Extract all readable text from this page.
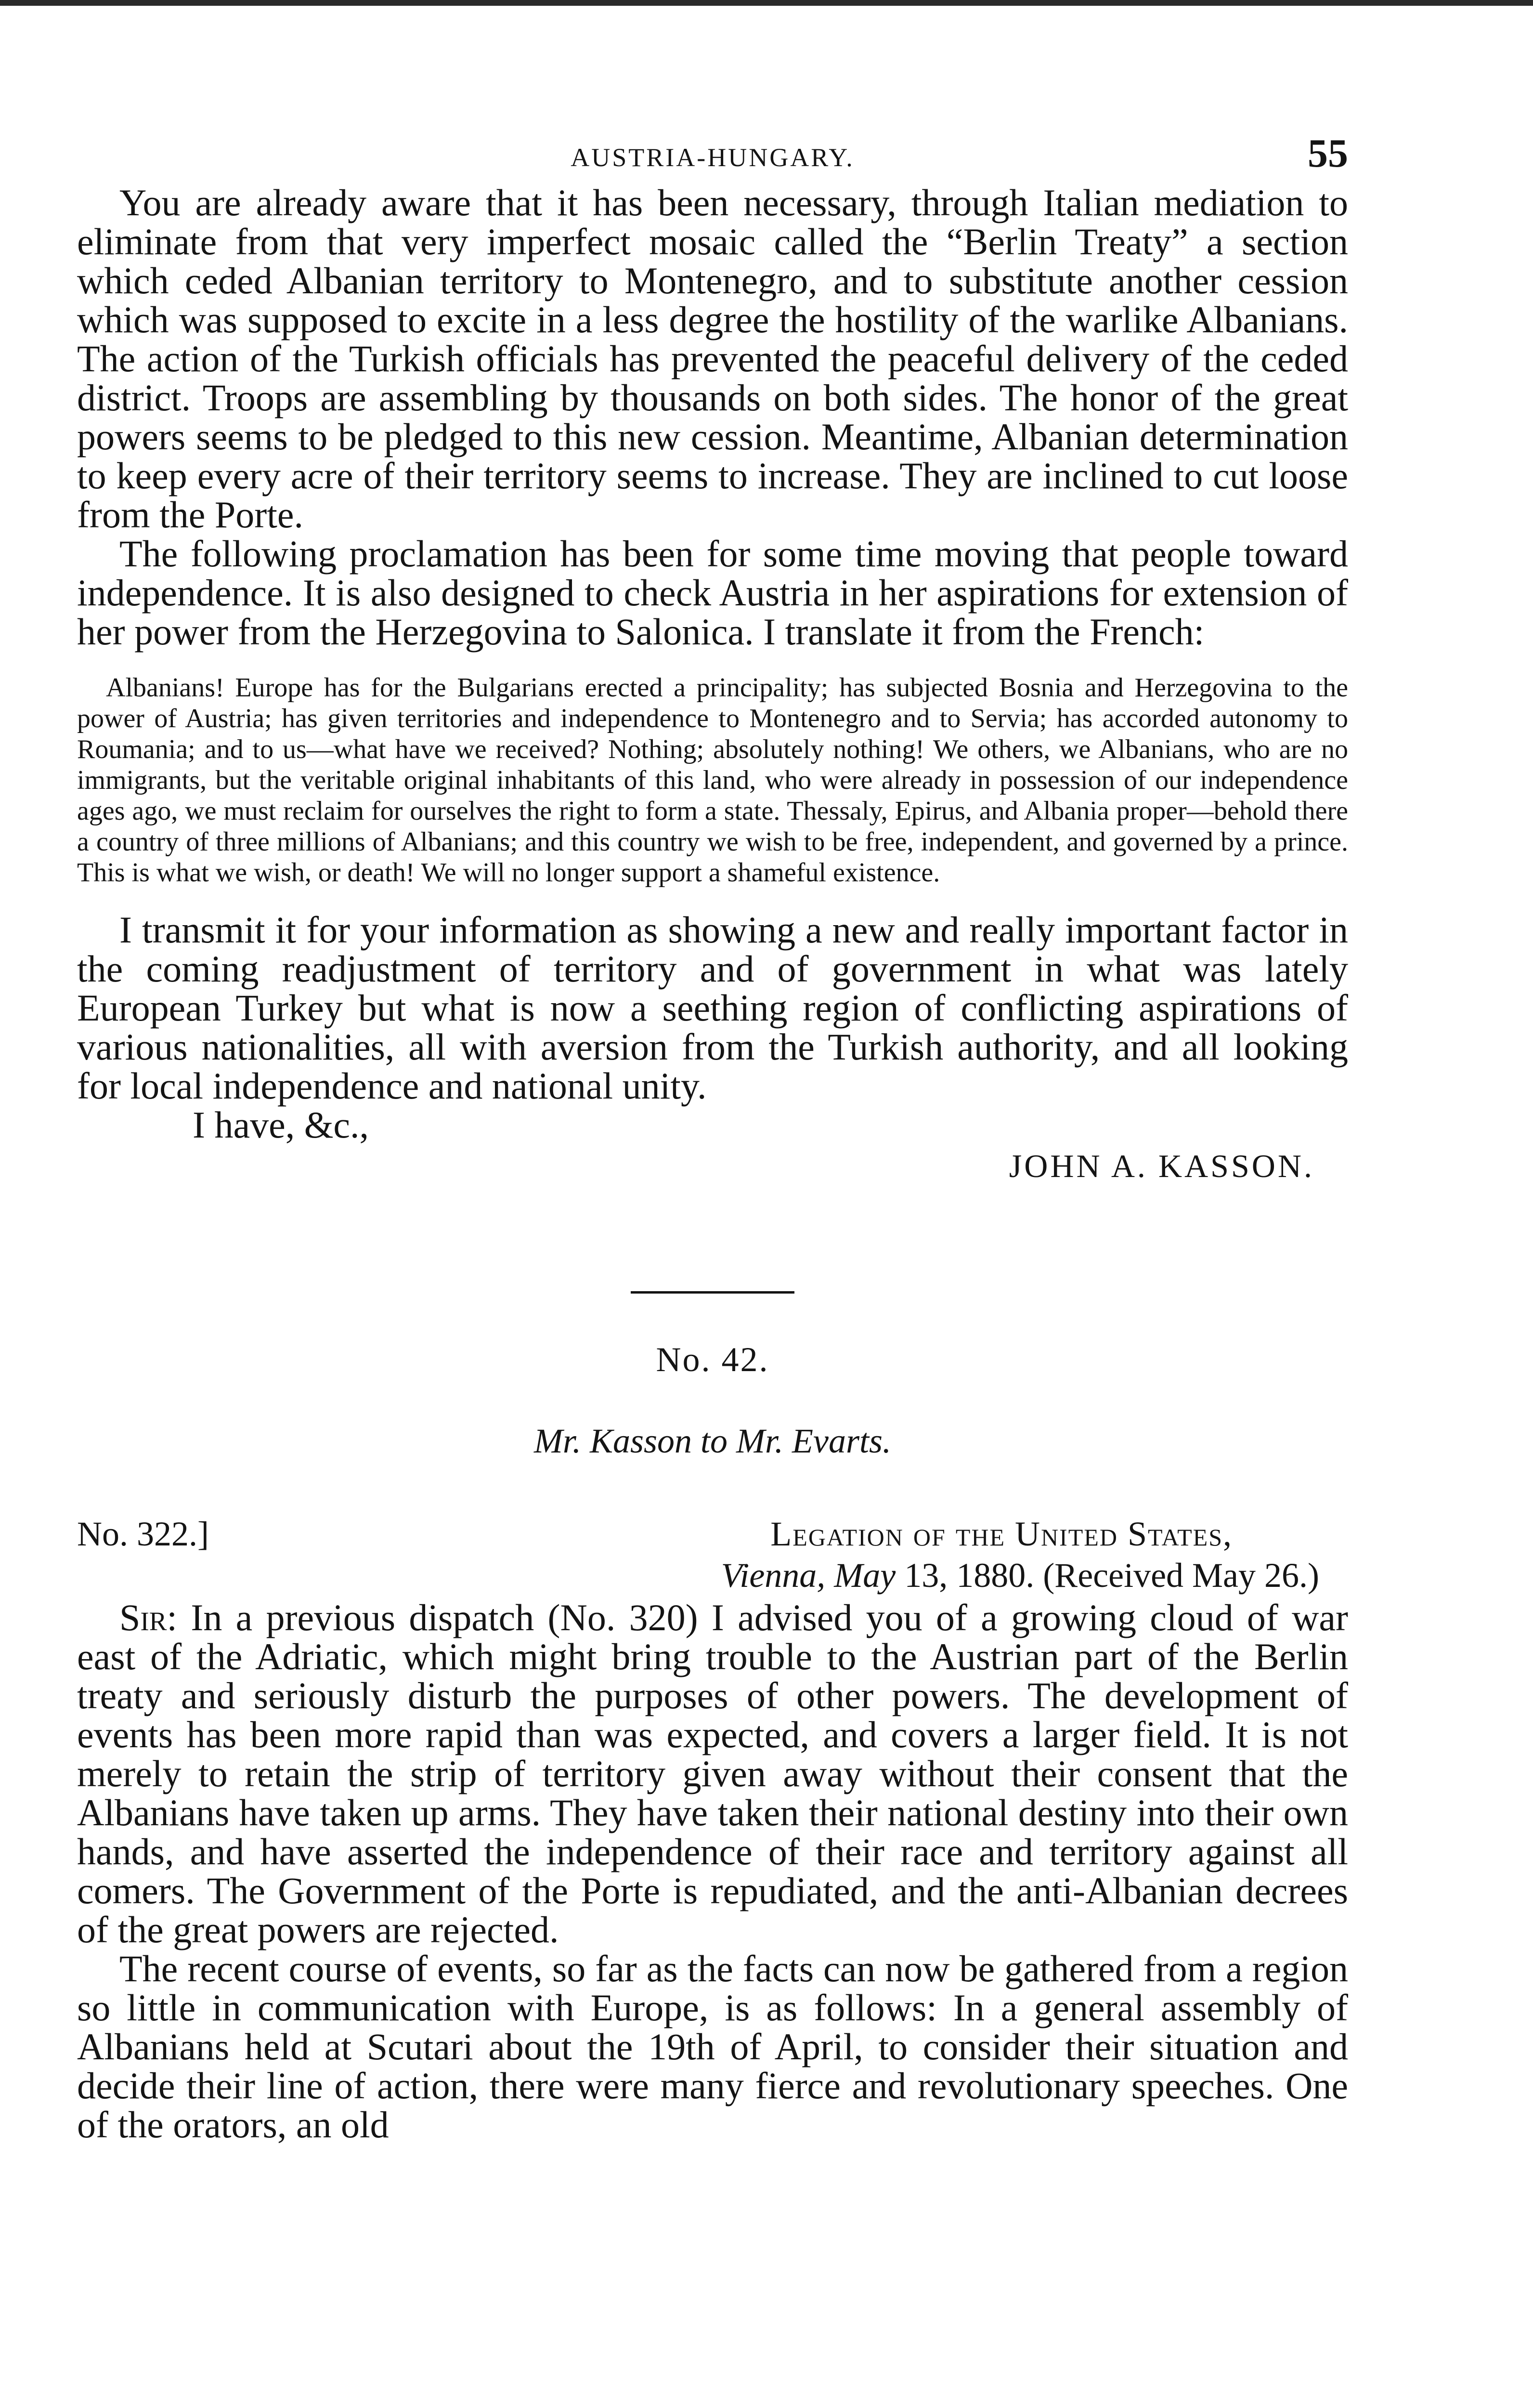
AUSTRIA-HUNGARY.	55

You are already aware that it has been necessary, through Italian mediation to eliminate from that very imperfect mosaic called the “Berlin Treaty” a section which ceded Albanian territory to Montenegro, and to substitute another cession which was supposed to excite in a less degree the hostility of the warlike Albanians. The action of the Turkish officials has prevented the peaceful delivery of the ceded district. Troops are assembling by thousands on both sides. The honor of the great powers seems to be pledged to this new cession. Meantime, Albanian determination to keep every acre of their territory seems to increase. They are inclined to cut loose from the Porte.

The following proclamation has been for some time moving that people toward independence. It is also designed to check Austria in her aspirations for extension of her power from the Herzegovina to Salonica. I translate it from the French:

Albanians! Europe has for the Bulgarians erected a principality; has subjected Bosnia and Herzegovina to the power of Austria; has given territories and independence to Montenegro and to Servia; has accorded autonomy to Roumania; and to us—what have we received? Nothing; absolutely nothing! We others, we Albanians, who are no immigrants, but the veritable original inhabitants of this land, who were already in possession of our independence ages ago, we must reclaim for ourselves the right to form a state. Thessaly, Epirus, and Albania proper—behold there a country of three millions of Albanians; and this country we wish to be free, independent, and governed by a prince. This is what we wish, or death! We will no longer support a shameful existence.

I transmit it for your information as showing a new and really important factor in the coming readjustment of territory and of government in what was lately European Turkey but what is now a seething region of conflicting aspirations of various nationalities, all with aversion from the Turkish authority, and all looking for local independence and national unity.

I have, &c.,

JOHN A. KASSON.
No. 42.
Mr. Kasson to Mr. Evarts.
No. 322.]	Legation of the United States,
Vienna, May 13, 1880. (Received May 26.)

Sir: In a previous dispatch (No. 320) I advised you of a growing cloud of war east of the Adriatic, which might bring trouble to the Austrian part of the Berlin treaty and seriously disturb the purposes of other powers. The development of events has been more rapid than was expected, and covers a larger field. It is not merely to retain the strip of territory given away without their consent that the Albanians have taken up arms. They have taken their national destiny into their own hands, and have asserted the independence of their race and territory against all comers. The Government of the Porte is repudiated, and the anti-Albanian decrees of the great powers are rejected.

The recent course of events, so far as the facts can now be gathered from a region so little in communication with Europe, is as follows: In a general assembly of Albanians held at Scutari about the 19th of April, to consider their situation and decide their line of action, there were many fierce and revolutionary speeches. One of the orators, an old
